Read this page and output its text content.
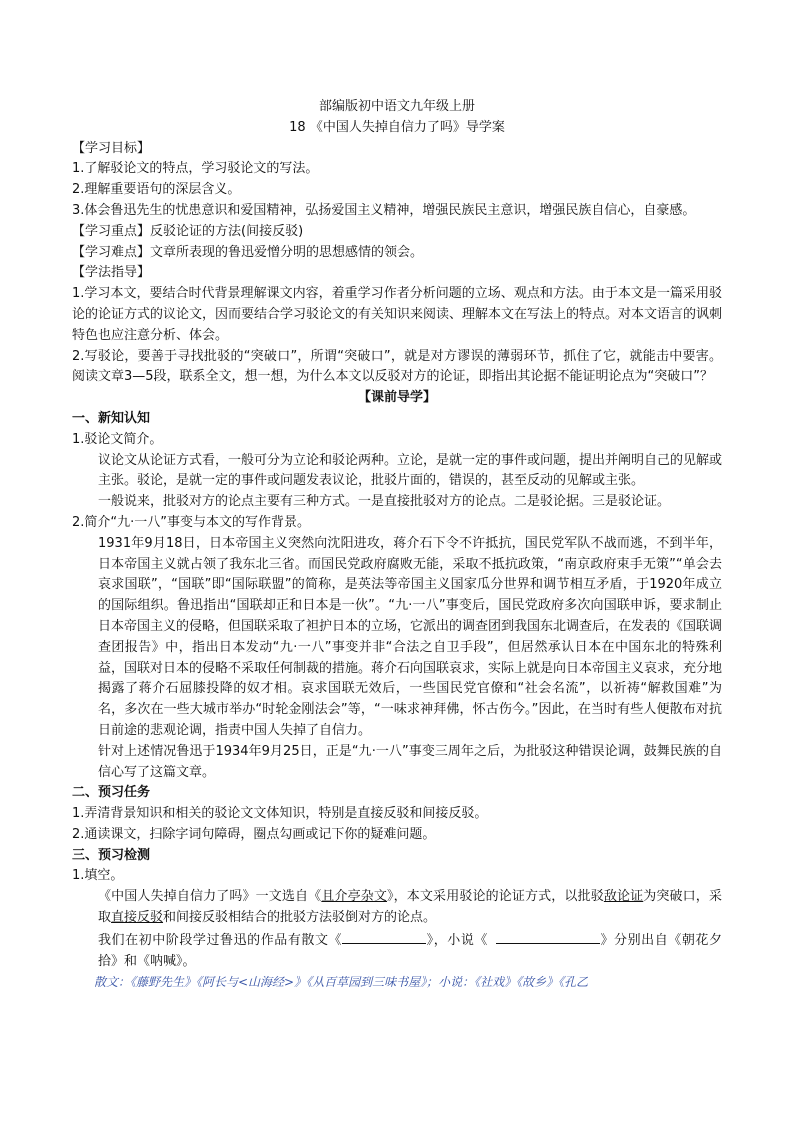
部编版初中语文九年级上册
18 《中国人失掉自信力了吗》导学案
【学习目标】
1.了解驳论文的特点，学习驳论文的写法。
2.理解重要语句的深层含义。
3.体会鲁迅先生的忧患意识和爱国精神，弘扬爱国主义精神，增强民族民主意识，增强民族自信心，自豪感。
【学习重点】反驳论证的方法(间接反驳)
【学习难点】文章所表现的鲁迅爱憎分明的思想感情的领会。
【学法指导】
1.学习本文，要结合时代背景理解课文内容，着重学习作者分析问题的立场、观点和方法。由于本文是一篇采用驳论的论证方式的议论文，因而要结合学习驳论文的有关知识来阅读、理解本文在写法上的特点。对本文语言的讽刺特色也应注意分析、体会。
2.写驳论，要善于寻找批驳的“突破口”，所谓“突破口”，就是对方谬误的薄弱环节，抓住了它，就能击中要害。阅读文章3—5段，联系全文，想一想，为什么本文以反驳对方的论证，即指出其论据不能证明论点为“突破口”？
【课前导学】
一、新知认知
1.驳论文简介。
议论文从论证方式看，一般可分为立论和驳论两种。立论，是就一定的事件或问题，提出并阐明自己的见解或主张。驳论，是就一定的事件或问题发表议论，批驳片面的，错误的，甚至反动的见解或主张。
一般说来，批驳对方的论点主要有三种方式。一是直接批驳对方的论点。二是驳论据。三是驳论证。
2.简介“九·一八”事变与本文的写作背景。
1931年9月18日，日本帝国主义突然向沈阳进攻，蒋介石下令不许抵抗，国民党军队不战而逃，不到半年，日本帝国主义就占领了我东北三省。而国民党政府腐败无能，采取不抵抗政策，“南京政府束手无策”“单会去哀求国联”，“国联”即“国际联盟”的简称，是英法等帝国主义国家瓜分世界和调节相互矛盾，于1920年成立的国际组织。鲁迅指出“国联却正和日本是一伙”。“九·一八”事变后，国民党政府多次向国联申诉，要求制止日本帝国主义的侵略，但国联采取了袒护日本的立场，它派出的调查团到我国东北调查后，在发表的《国联调查团报告》中，指出日本发动“九·一八”事变并非“合法之自卫手段”，但居然承认日本在中国东北的特殊利益，国联对日本的侵略不采取任何制裁的措施。蒋介石向国联哀求，实际上就是向日本帝国主义哀求，充分地揭露了蒋介石屈膝投降的奴才相。哀求国联无效后，一些国民党官僚和“社会名流”，以祈祷“解救国难”为名，多次在一些大城市举办“时轮金刚法会”等，“一味求神拜佛，怀古伤今。”因此，在当时有些人便散布对抗日前途的悲观论调，指责中国人失掉了自信力。
针对上述情况鲁迅于1934年9月25日，正是“九·一八”事变三周年之后，为批驳这种错误论调，鼓舞民族的自信心写了这篇文章。
二、预习任务
1.弄清背景知识和相关的驳论文文体知识，特别是直接反驳和间接反驳。
2.通读课文，扫除字词句障碍，圈点勾画或记下你的疑难问题。
三、预习检测
1.填空。
《中国人失掉自信力了吗》一文选自《且介亭杂文》，本文采用驳论的论证方式，以批驳敌论证为突破口，采取直接反驳和间接反驳相结合的批驳方法驳倒对方的论点。
我们在初中阶段学过鲁迅的作品有散文《	》，小说《	》分别出自《朝花夕拾》和《呐喊》。
散文：《藤野先生》《阿长与<山海经>》《从百草园到三味书屋》；小说：《社戏》《故乡》《孔乙
